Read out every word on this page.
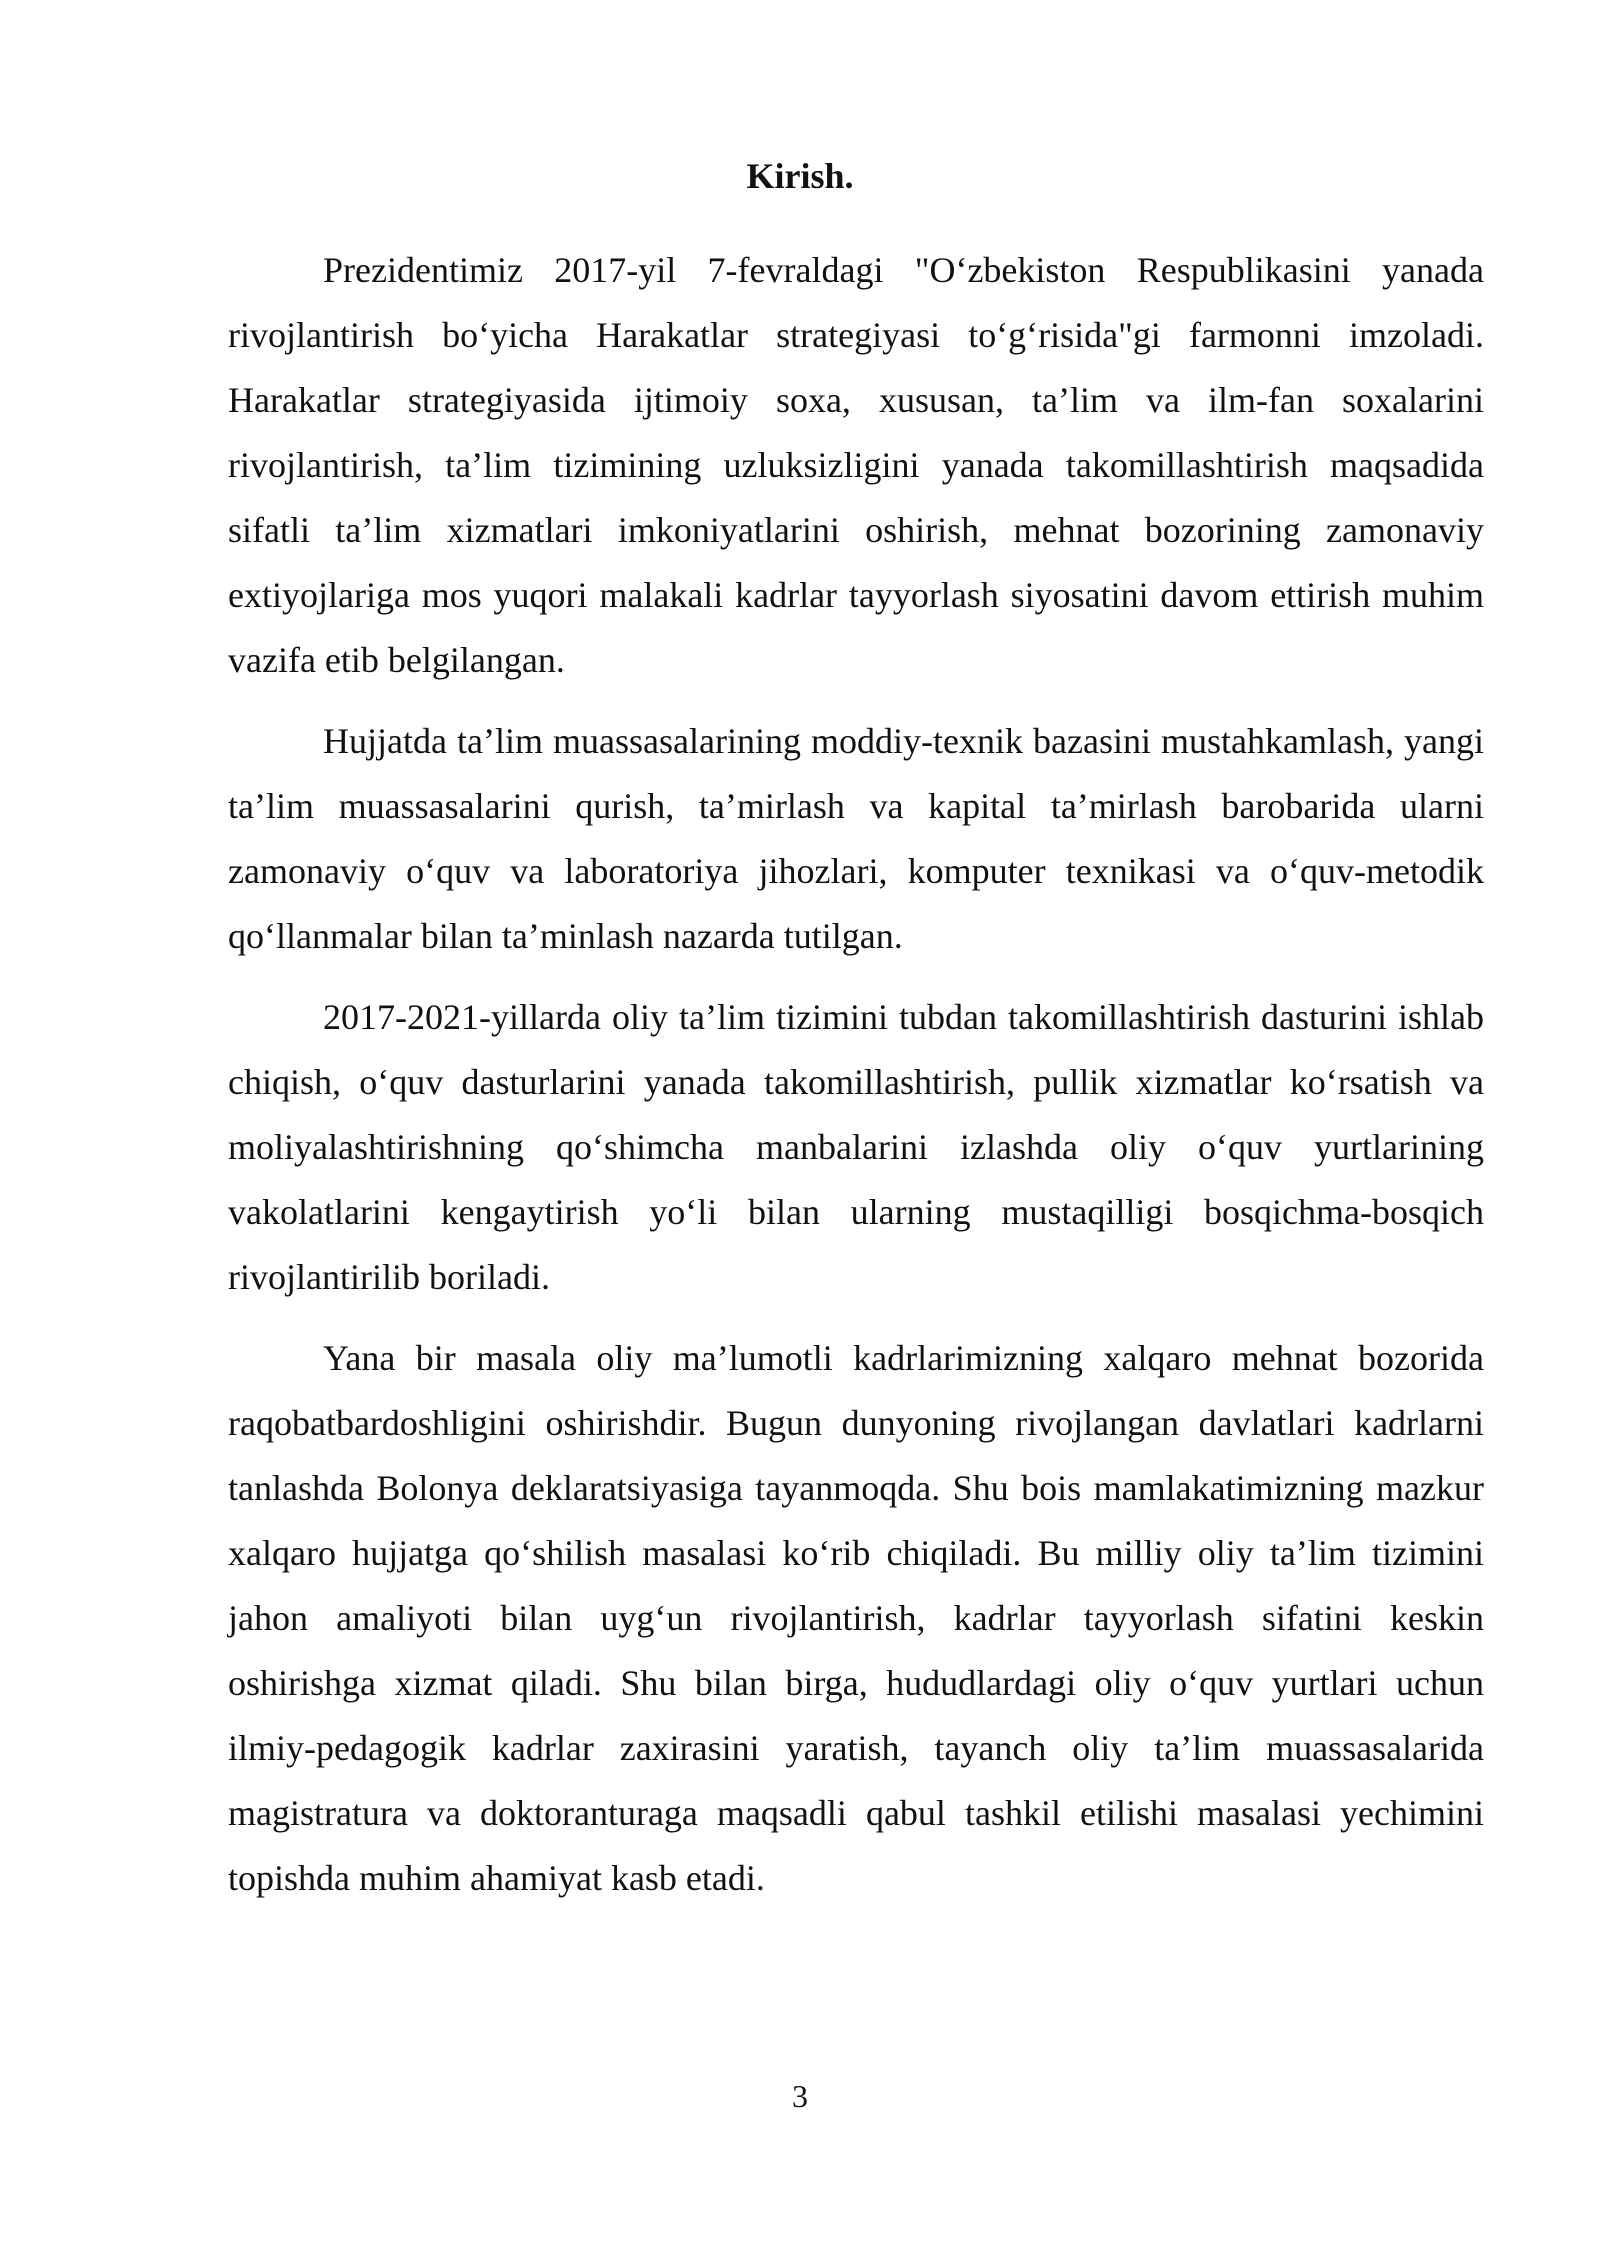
Kirish.

Prezidentimiz 2017-yil 7-fevraldagi "O‘zbekiston Respublikasini yanada rivojlantirish bo‘yicha Harakatlar strategiyasi to‘g‘risida"gi farmonni imzoladi. Harakatlar strategiyasida ijtimoiy soxa, xususan, ta’lim va ilm-fan soxalarini rivojlantirish, ta’lim tizimining uzluksizligini yanada takomillashtirish maqsadida sifatli ta’lim xizmatlari imkoniyatlarini oshirish, mehnat bozorining zamonaviy extiyojlariga mos yuqori malakali kadrlar tayyorlash siyosatini davom ettirish muhim vazifa etib belgilangan.

Hujjatda ta’lim muassasalarining moddiy-texnik bazasini mustahkamlash, yangi ta’lim muassasalarini qurish, ta’mirlash va kapital ta’mirlash barobarida ularni zamonaviy o‘quv va laboratoriya jihozlari, komputer texnikasi va o‘quv-metodik qo‘llanmalar bilan ta’minlash nazarda tutilgan.

2017-2021-yillarda oliy ta’lim tizimini tubdan takomillashtirish dasturini ishlab chiqish, o‘quv dasturlarini yanada takomillashtirish, pullik xizmatlar ko‘rsatish va moliyalashtirishning qo‘shimcha manbalarini izlashda oliy o‘quv yurtlarining vakolatlarini kengaytirish yo‘li bilan ularning mustaqilligi bosqichma-bosqich rivojlantirilib boriladi.

Yana bir masala oliy ma’lumotli kadrlarimizning xalqaro mehnat bozorida raqobatbardoshligini oshirishdir. Bugun dunyoning rivojlangan davlatlari kadrlarni tanlashda Bolonya deklaratsiyasiga tayanmoqda. Shu bois mamlakatimizning mazkur xalqaro hujjatga qo‘shilish masalasi ko‘rib chiqiladi. Bu milliy oliy ta’lim tizimini jahon amaliyoti bilan uyg‘un rivojlantirish, kadrlar tayyorlash sifatini keskin oshirishga xizmat qiladi. Shu bilan birga, hududlardagi oliy o‘quv yurtlari uchun ilmiy-pedagogik kadrlar zaxirasini yaratish, tayanch oliy ta’lim muassasalarida magistratura va doktoranturaga maqsadli qabul tashkil etilishi masalasi yechimini topishda muhim ahamiyat kasb etadi.

3
